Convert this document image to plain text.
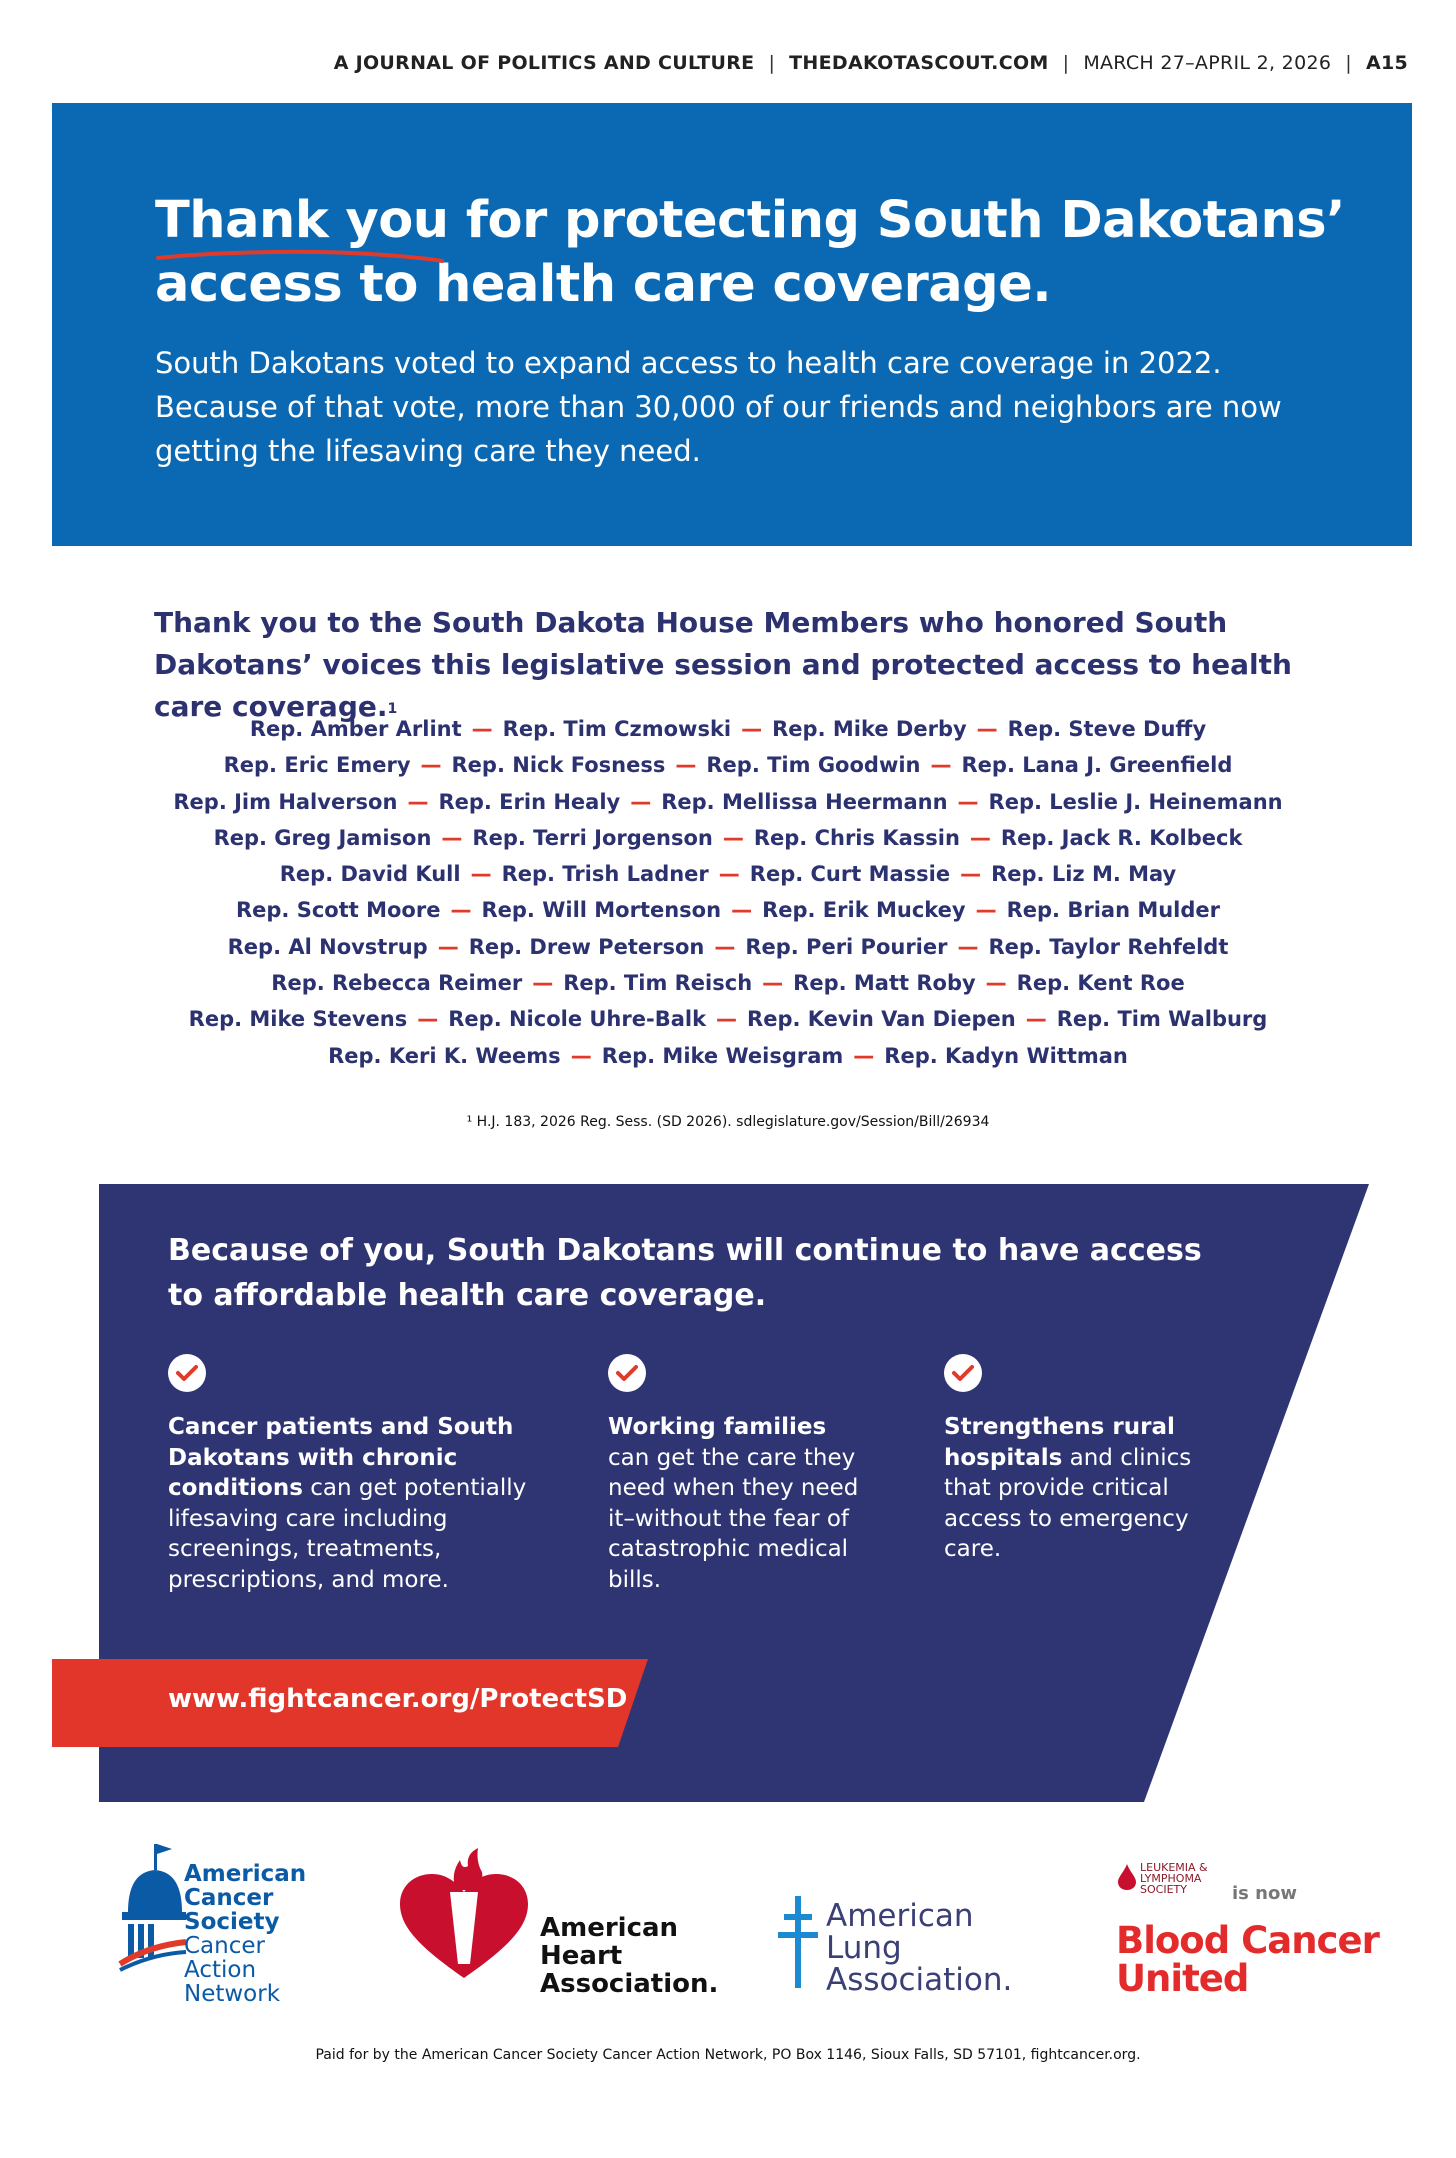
A JOURNAL OF POLITICS AND CULTURE | THEDAKOTASCOUT.COM | MARCH 27–APRIL 2, 2026 | A15
Thank you for protecting South Dakotans’
access to health care coverage.
South Dakotans voted to expand access to health care coverage in 2022. Because of that vote, more than 30,000 of our friends and neighbors are now getting the lifesaving care they need.
Thank you to the South Dakota House Members who honored South Dakotans’ voices this legislative session and protected access to health care coverage.$^1$
Rep. Amber Arlint — Rep. Tim Czmowski — Rep. Mike Derby — Rep. Steve Duffy
Rep. Eric Emery — Rep. Nick Fosness — Rep. Tim Goodwin — Rep. Lana J. Greenfield
Rep. Jim Halverson — Rep. Erin Healy — Rep. Mellissa Heermann — Rep. Leslie J. Heinemann
Rep. Greg Jamison — Rep. Terri Jorgenson — Rep. Chris Kassin — Rep. Jack R. Kolbeck
Rep. David Kull — Rep. Trish Ladner — Rep. Curt Massie — Rep. Liz M. May
Rep. Scott Moore — Rep. Will Mortenson — Rep. Erik Muckey — Rep. Brian Mulder
Rep. Al Novstrup — Rep. Drew Peterson — Rep. Peri Pourier — Rep. Taylor Rehfeldt
Rep. Rebecca Reimer — Rep. Tim Reisch — Rep. Matt Roby — Rep. Kent Roe
Rep. Mike Stevens — Rep. Nicole Uhre-Balk — Rep. Kevin Van Diepen — Rep. Tim Walburg
Rep. Keri K. Weems — Rep. Mike Weisgram — Rep. Kadyn Wittman
¹ H.J. 183, 2026 Reg. Sess. (SD 2026). sdlegislature.gov/Session/Bill/26934
Because of you, South Dakotans will continue to have access to affordable health care coverage.
Cancer patients and South Dakotans with chronic conditions can get potentially lifesaving care including screenings, treatments, prescriptions, and more.
Working families can get the care they need when they need it–without the fear of catastrophic medical bills.
Strengthens rural hospitals and clinics that provide critical access to emergency care.
www.fightcancer.org/ProtectSD
American
Cancer
Society
Cancer
Action
Network
American
Heart
Association.
American
Lung
Association.
LEUKEMIA &
LYMPHOMA
SOCIETY	is now
Blood Cancer
United
Paid for by the American Cancer Society Cancer Action Network, PO Box 1146, Sioux Falls, SD 57101, fightcancer.org.
